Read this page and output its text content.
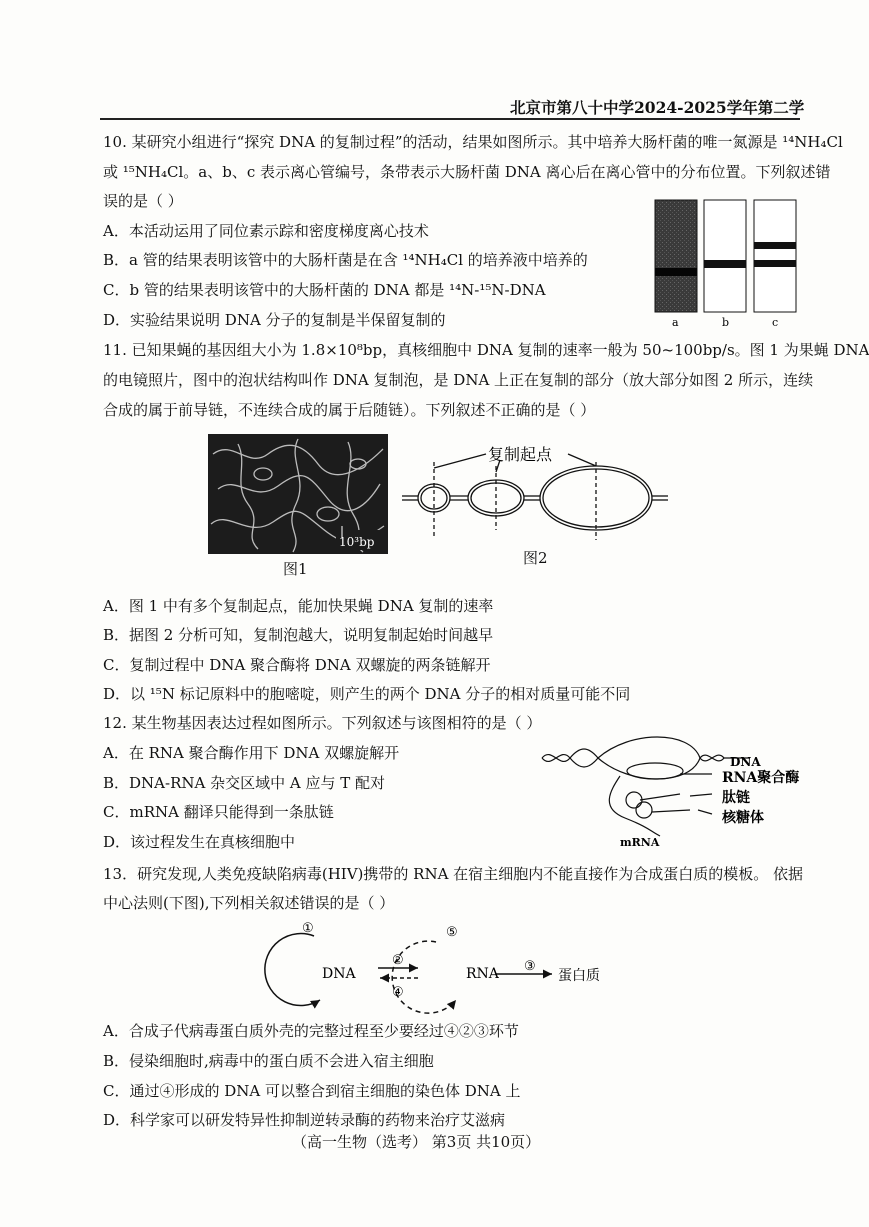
北京市第八十中学2024-2025学年第二学
10. 某研究小组进行“探究 DNA 的复制过程”的活动，结果如图所示。其中培养大肠杆菌的唯一氮源是 ¹⁴NH₄Cl
或 ¹⁵NH₄Cl。a、b、c 表示离心管编号，条带表示大肠杆菌 DNA 离心后在离心管中的分布位置。下列叙述错
误的是（ ）
A．本活动运用了同位素示踪和密度梯度离心技术
B．a 管的结果表明该管中的大肠杆菌是在含 ¹⁴NH₄Cl 的培养液中培养的
C．b 管的结果表明该管中的大肠杆菌的 DNA 都是 ¹⁴N-¹⁵N-DNA
D．实验结果说明 DNA 分子的复制是半保留复制的	a	b	c
11. 已知果蝇的基因组大小为 1.8×10⁸bp，真核细胞中 DNA 复制的速率一般为 50~100bp/s。图 1 为果蝇 DNA
的电镜照片，图中的泡状结构叫作 DNA 复制泡，是 DNA 上正在复制的部分（放大部分如图 2 所示，连续
合成的属于前导链，不连续合成的属于后随链）。下列叙述不正确的是（ ）
10³bp
图1
复制起点
图2
A．图 1 中有多个复制起点，能加快果蝇 DNA 复制的速率
B．据图 2 分析可知，复制泡越大，说明复制起始时间越早
C．复制过程中 DNA 聚合酶将 DNA 双螺旋的两条链解开
D．以 ¹⁵N 标记原料中的胞嘧啶，则产生的两个 DNA 分子的相对质量可能不同
12. 某生物基因表达过程如图所示。下列叙述与该图相符的是（ ）
A．在 RNA 聚合酶作用下 DNA 双螺旋解开
B．DNA-RNA 杂交区域中 A 应与 T 配对
C．mRNA 翻译只能得到一条肽链
D．该过程发生在真核细胞中
DNA
RNA聚合酶
肽链
核糖体
mRNA
13．研究发现,人类免疫缺陷病毒(HIV)携带的 RNA 在宿主细胞内不能直接作为合成蛋白质的模板。 依据
中心法则(下图),下列相关叙述错误的是（ ）
DNA	RNA	蛋白质
①
②	③
④
⑤
A．合成子代病毒蛋白质外壳的完整过程至少要经过④②③环节
B．侵染细胞时,病毒中的蛋白质不会进入宿主细胞
C．通过④形成的 DNA 可以整合到宿主细胞的染色体 DNA 上
D．科学家可以研发特异性抑制逆转录酶的药物来治疗艾滋病
（高一生物（选考） 第3页 共10页）
